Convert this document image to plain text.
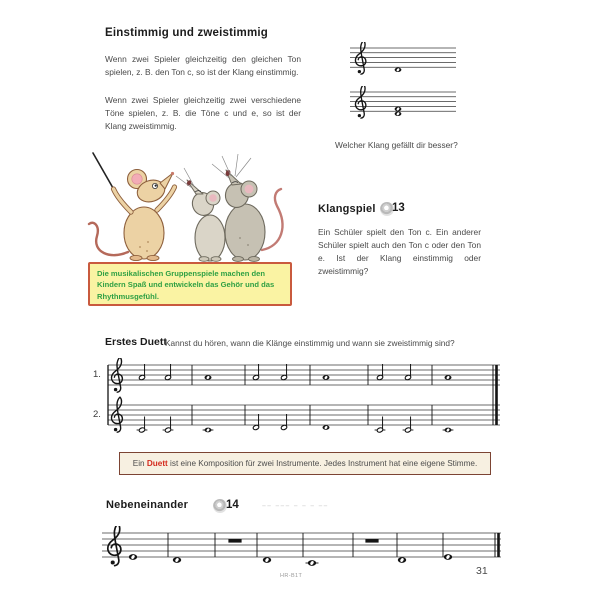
Einstimmig und zweistimmig
Wenn zwei Spieler gleichzeitig den gleichen Ton spielen, z. B. den Ton c, so ist der Klang einstimmig.
Wenn zwei Spieler gleichzeitig zwei verschiedene Töne spielen, z. B. die Töne c und e, so ist der Klang zweistimmig.
Welcher Klang gefällt dir besser?
Die musikalischen Gruppenspiele machen den Kindern Spaß und entwickeln das Gehör und das Rhythmusgefühl.
Klangspiel 13
Ein Schüler spielt den Ton c. Ein anderer Schüler spielt auch den Ton c oder den Ton e. Ist der Klang einstimmig oder zweistimmig?
Erstes Duett
Kannst du hören, wann die Klänge einstimmig und wann sie zweistimmig sind?
1.
2.
Ein Duett ist eine Komposition für zwei Instrumente. Jedes Instrument hat eine eigene Stimme.
Nebeneinander	14	–– ––– – – – ––
HR-B1T	31
